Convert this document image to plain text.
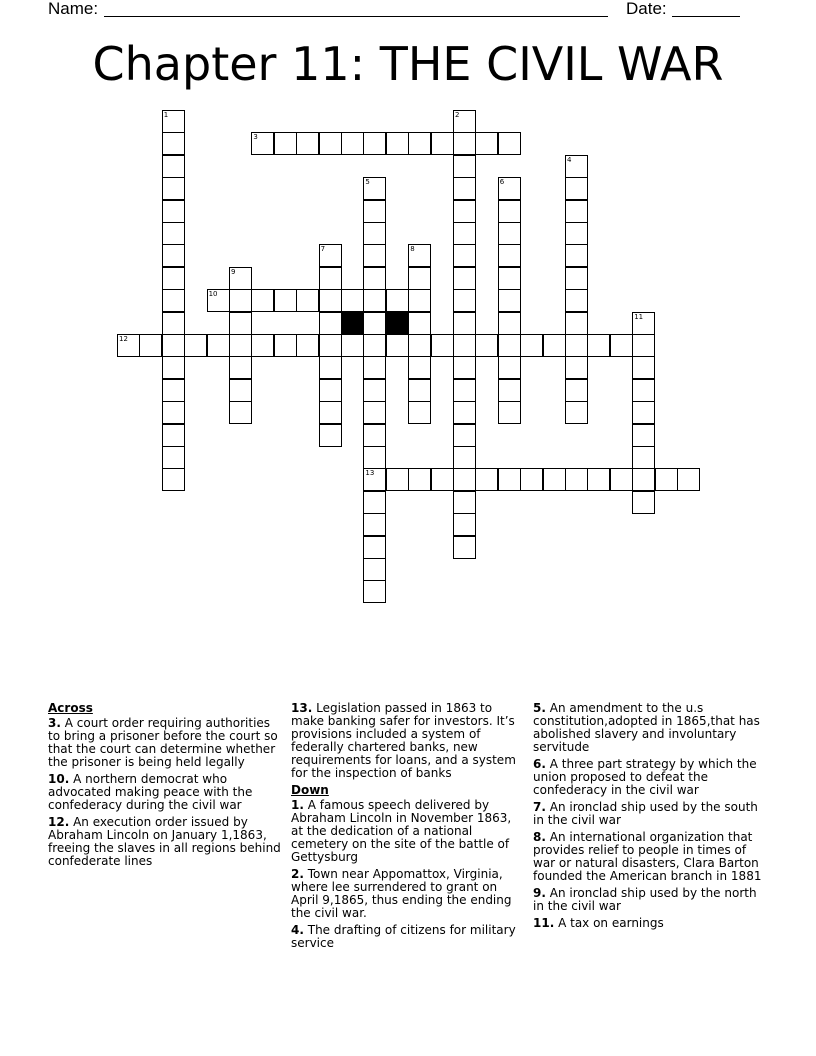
Name:	Date:
Chapter 11: THE CIVIL WAR
1	2
3
4
5
13
6
7	8
9
10
11
12
Across
3. A court order requiring authorities to bring a prisoner before the court so that the court can determine whether the prisoner is being held legally
10. A northern democrat who advocated making peace with the confederacy during the civil war
12. An execution order issued by Abraham Lincoln on January 1,1863, freeing the slaves in all regions behind confederate lines
13. Legislation passed in 1863 to make banking safer for investors. It’s provisions included a system of federally chartered banks, new requirements for loans, and a system for the inspection of banks
Down
1. A famous speech delivered by Abraham Lincoln in November 1863, at the dedication of a national cemetery on the site of the battle of Gettysburg
2. Town near Appomattox, Virginia, where lee surrendered to grant on April 9,1865, thus ending the ending the civil war.
4. The drafting of citizens for military service
5. An amendment to the u.s constitution,adopted in 1865,that has abolished slavery and involuntary servitude
6. A three part strategy by which the union proposed to defeat the confederacy in the civil war
7. An ironclad ship used by the south in the civil war
8. An international organization that provides relief to people in times of war or natural disasters, Clara Barton founded the American branch in 1881
9. An ironclad ship used by the north in the civil war
11. A tax on earnings
